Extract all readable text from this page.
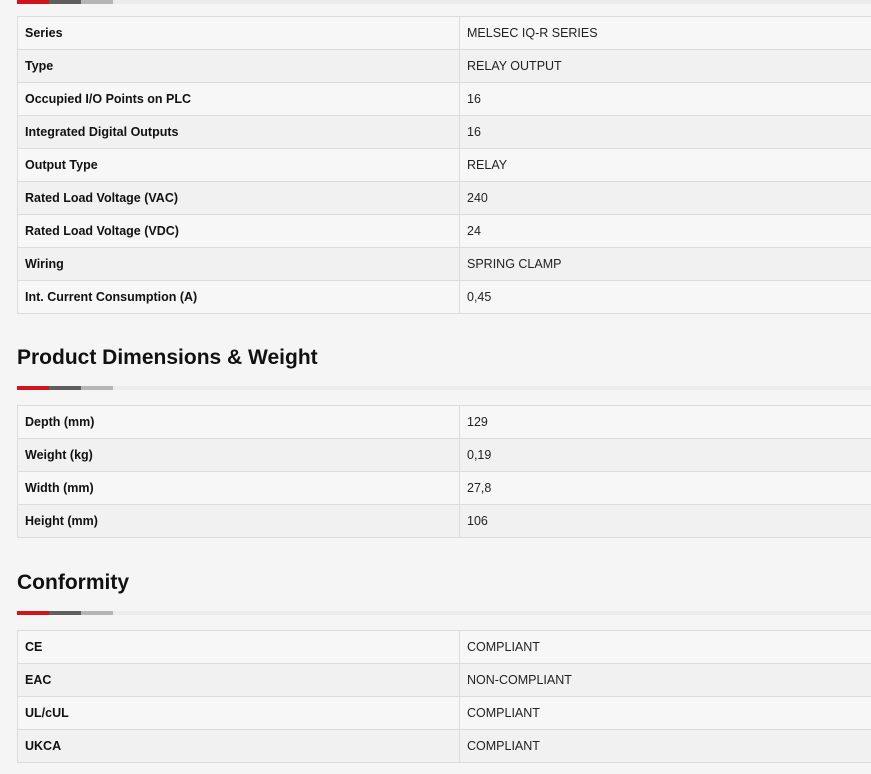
Series	MELSEC IQ-R SERIES
Type	RELAY OUTPUT
Occupied I/O Points on PLC	16
Integrated Digital Outputs	16
Output Type	RELAY
Rated Load Voltage (VAC)	240
Rated Load Voltage (VDC)	24
Wiring	SPRING CLAMP
Int. Current Consumption (A)	0,45
Product Dimensions & Weight
Depth (mm)	129
Weight (kg)	0,19
Width (mm)	27,8
Height (mm)	106
Conformity
CE	COMPLIANT
EAC	NON-COMPLIANT
UL/cUL	COMPLIANT
UKCA	COMPLIANT
